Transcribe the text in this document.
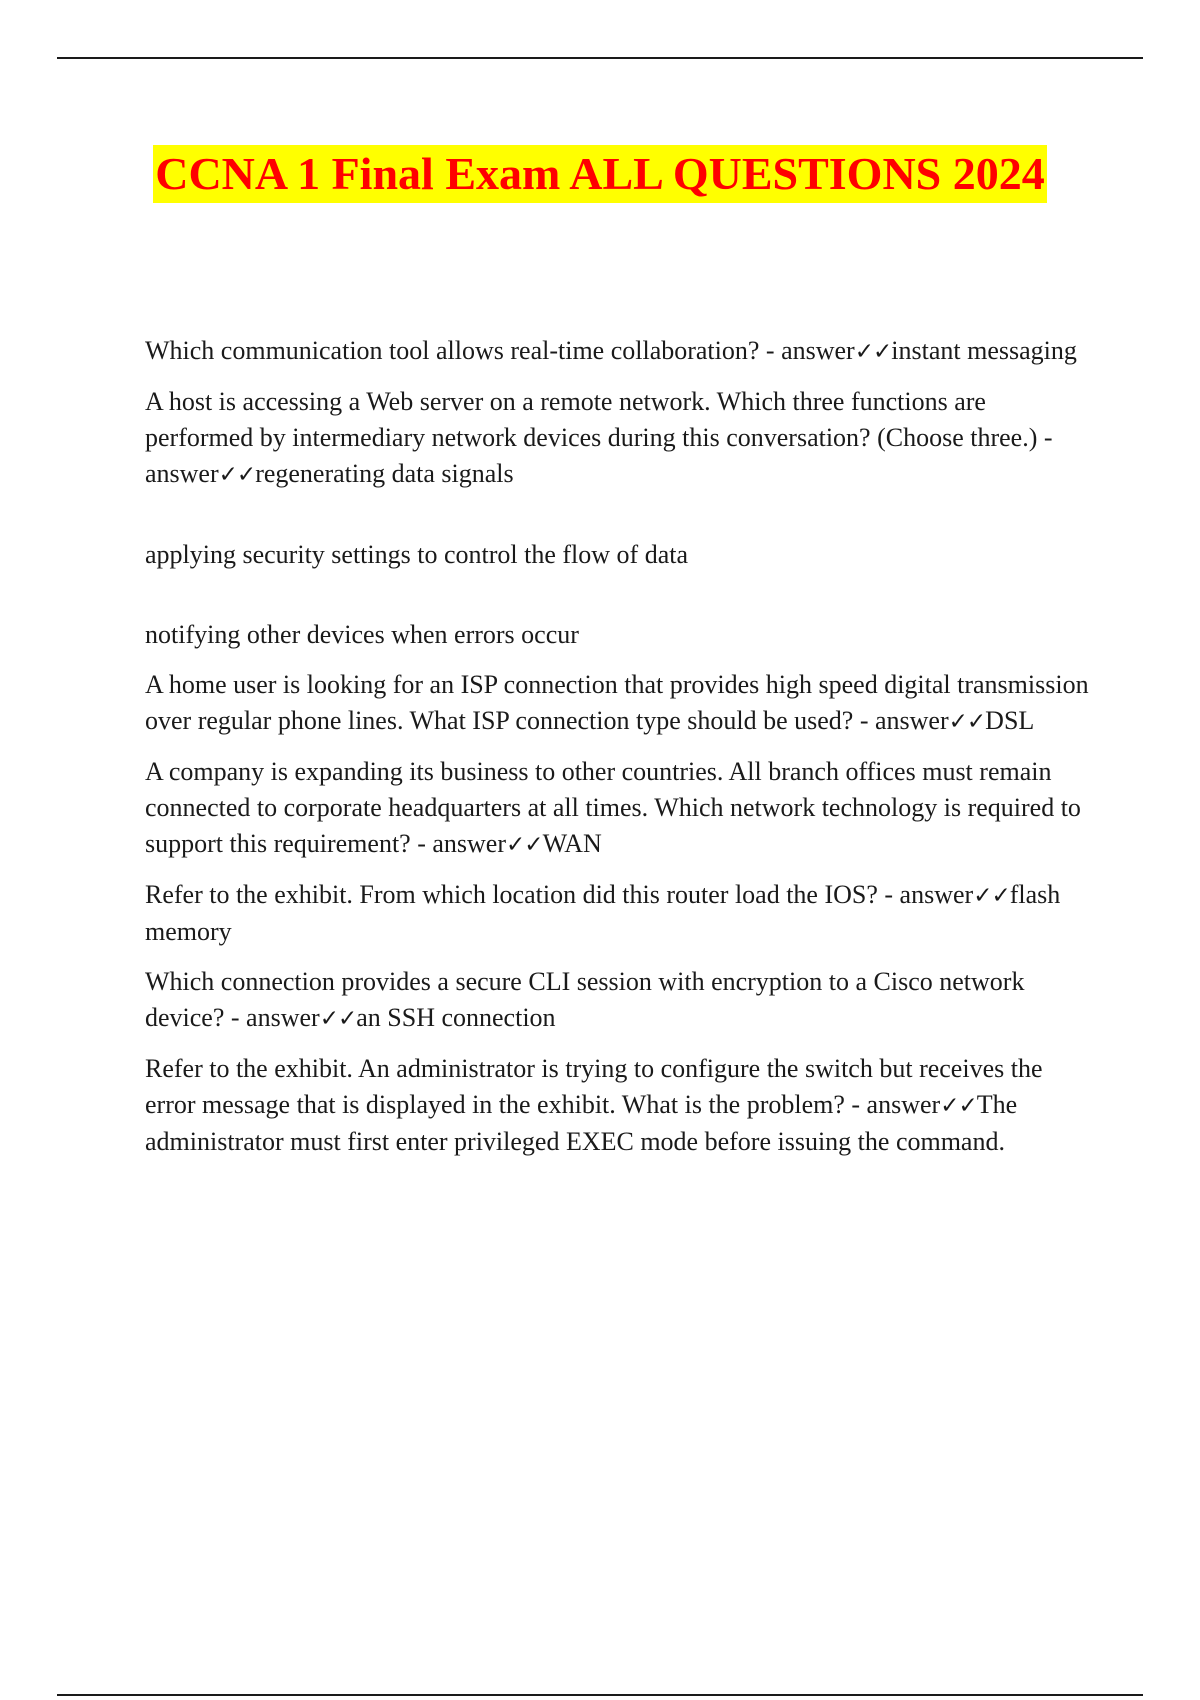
CCNA 1 Final Exam ALL QUESTIONS 2024

Which communication tool allows real-time collaboration? - answer✓✓instant messaging

A host is accessing a Web server on a remote network. Which three functions are performed by intermediary network devices during this conversation? (Choose three.) - answer✓✓regenerating data signals

applying security settings to control the flow of data

notifying other devices when errors occur

A home user is looking for an ISP connection that provides high speed digital transmission over regular phone lines. What ISP connection type should be used? - answer✓✓DSL

A company is expanding its business to other countries. All branch offices must remain connected to corporate headquarters at all times. Which network technology is required to support this requirement? - answer✓✓WAN

Refer to the exhibit. From which location did this router load the IOS? - answer✓✓flash memory

Which connection provides a secure CLI session with encryption to a Cisco network device? - answer✓✓an SSH connection

Refer to the exhibit. An administrator is trying to configure the switch but receives the error message that is displayed in the exhibit. What is the problem? - answer✓✓The administrator must first enter privileged EXEC mode before issuing the command.
